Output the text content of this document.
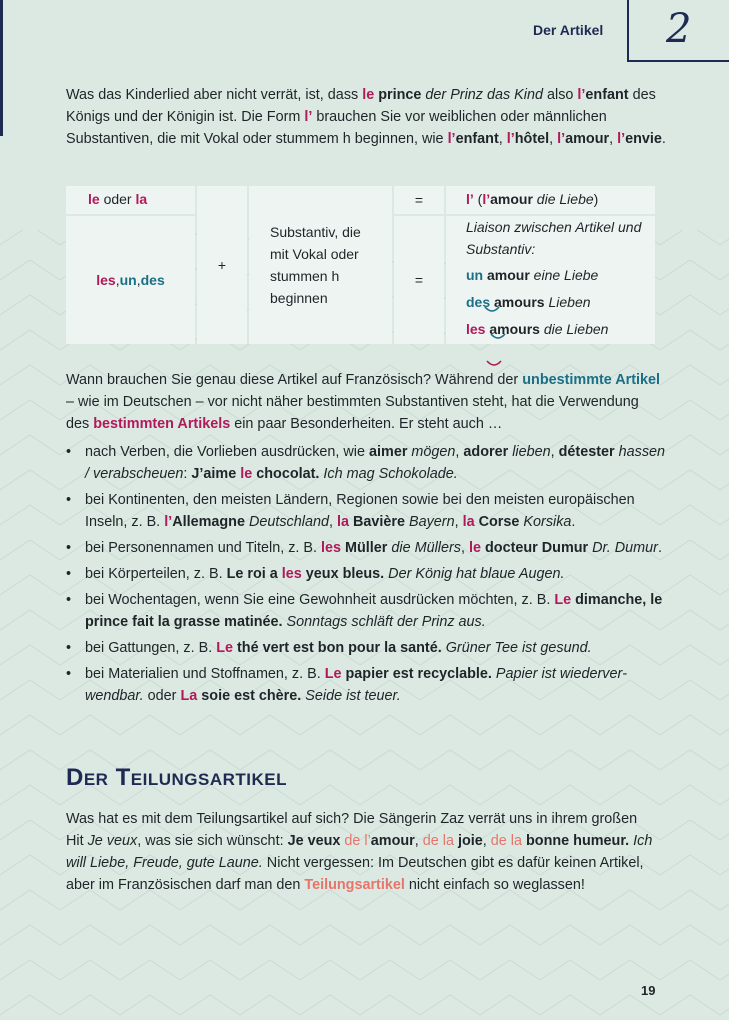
Der Artikel 2

Was das Kinderlied aber nicht verrät, ist, dass le prince der Prinz das Kind also l’enfant des Königs und der Königin ist. Die Form l’ brauchen Sie vor weiblichen oder männlichen Substantiven, die mit Vokal oder stummem h beginnen, wie l’enfant, l’hôtel, l’amour, l’envie.

le oder la
les , un , des
+
Substantiv, die mit Vokal oder stummen h beginnen
=
=
l’ (l’amour die Liebe)
Liaison zwischen Artikel und Substantiv:
un amour eine Liebe
des amours Lieben
les amours die Lieben

Wann brauchen Sie genau diese Artikel auf Französisch? Während der unbestimmte Artikel – wie im Deutschen – vor nicht näher bestimmten Substantiven steht, hat die Verwendung des bestimmten Artikels ein paar Besonderheiten. Er steht auch …

• nach Verben, die Vorlieben ausdrücken, wie aimer mögen, adorer lieben, détester hassen / verabscheuen: J’aime le chocolat. Ich mag Schokolade.
• bei Kontinenten, den meisten Ländern, Regionen sowie bei den meisten europäischen Inseln, z. B. l’Allemagne Deutschland, la Bavière Bayern, la Corse Korsika.
• bei Personennamen und Titeln, z. B. les Müller die Müllers, le docteur Dumur Dr. Dumur.
• bei Körperteilen, z. B. Le roi a les yeux bleus. Der König hat blaue Augen.
• bei Wochentagen, wenn Sie eine Gewohnheit ausdrücken möchten, z. B. Le dimanche, le prince fait la grasse matinée. Sonntags schläft der Prinz aus.
• bei Gattungen, z. B. Le thé vert est bon pour la santé. Grüner Tee ist gesund.
• bei Materialien und Stoffnamen, z. B. Le papier est recyclable. Papier ist wiederverwendbar. oder La soie est chère. Seide ist teuer.
Der Teilungsartikel

Was hat es mit dem Teilungsartikel auf sich? Die Sängerin Zaz verrät uns in ihrem großen Hit Je veux, was sie sich wünscht: Je veux de l’amour, de la joie, de la bonne humeur. Ich will Liebe, Freude, gute Laune. Nicht vergessen: Im Deutschen gibt es dafür keinen Artikel, aber im Französischen darf man den Teilungsartikel nicht einfach so weglassen!

19
